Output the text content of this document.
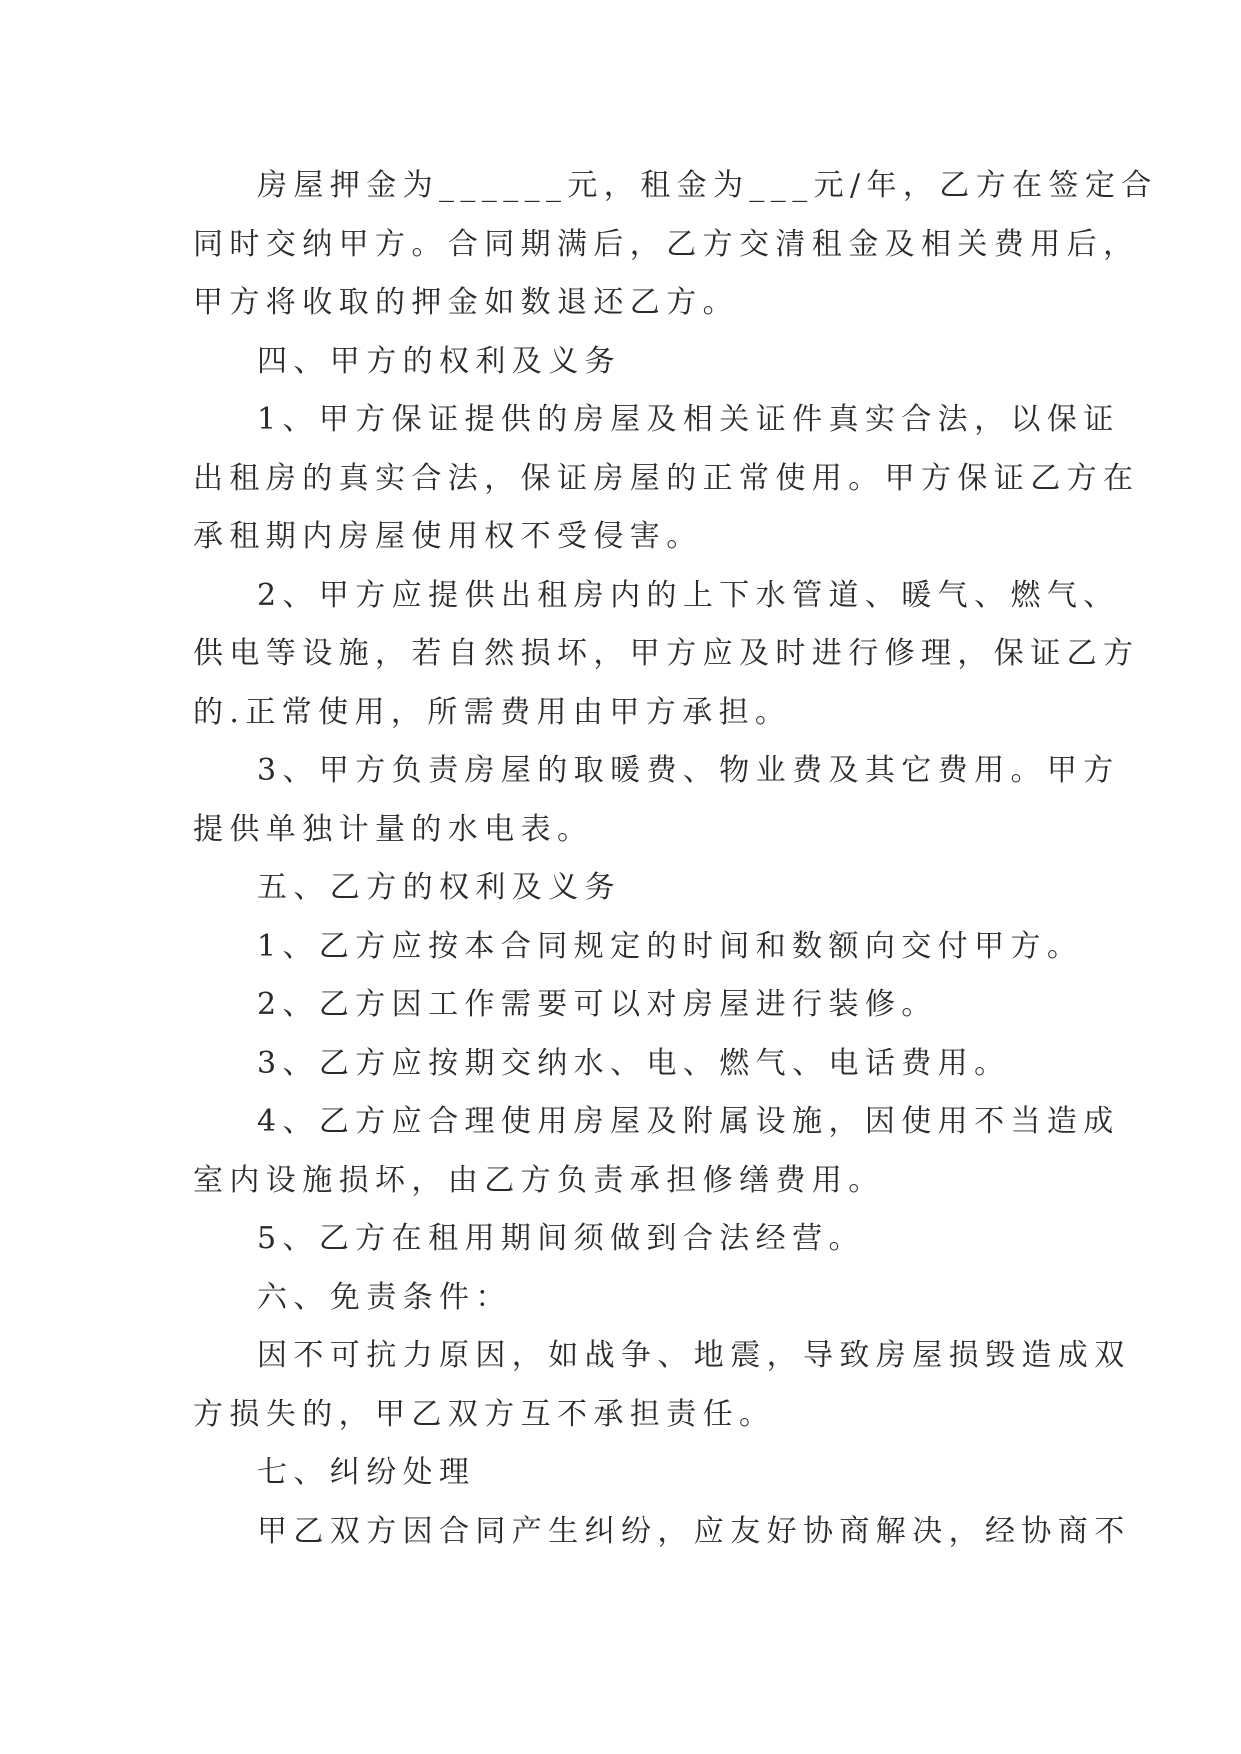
房屋押金为______元，租金为___元/年，乙方在签定合
同时交纳甲方。合同期满后，乙方交清租金及相关费用后，
甲方将收取的押金如数退还乙方。
四、甲方的权利及义务
1、甲方保证提供的房屋及相关证件真实合法，以保证
出租房的真实合法，保证房屋的正常使用。甲方保证乙方在
承租期内房屋使用权不受侵害。
2、甲方应提供出租房内的上下水管道、暖气、燃气、
供电等设施，若自然损坏，甲方应及时进行修理，保证乙方
的.正常使用，所需费用由甲方承担。
3、甲方负责房屋的取暖费、物业费及其它费用。甲方
提供单独计量的水电表。
五、乙方的权利及义务
1、乙方应按本合同规定的时间和数额向交付甲方。
2、乙方因工作需要可以对房屋进行装修。
3、乙方应按期交纳水、电、燃气、电话费用。
4、乙方应合理使用房屋及附属设施，因使用不当造成
室内设施损坏，由乙方负责承担修缮费用。
5、乙方在租用期间须做到合法经营。
六、免责条件：
因不可抗力原因，如战争、地震，导致房屋损毁造成双
方损失的，甲乙双方互不承担责任。
七、纠纷处理
甲乙双方因合同产生纠纷，应友好协商解决，经协商不
